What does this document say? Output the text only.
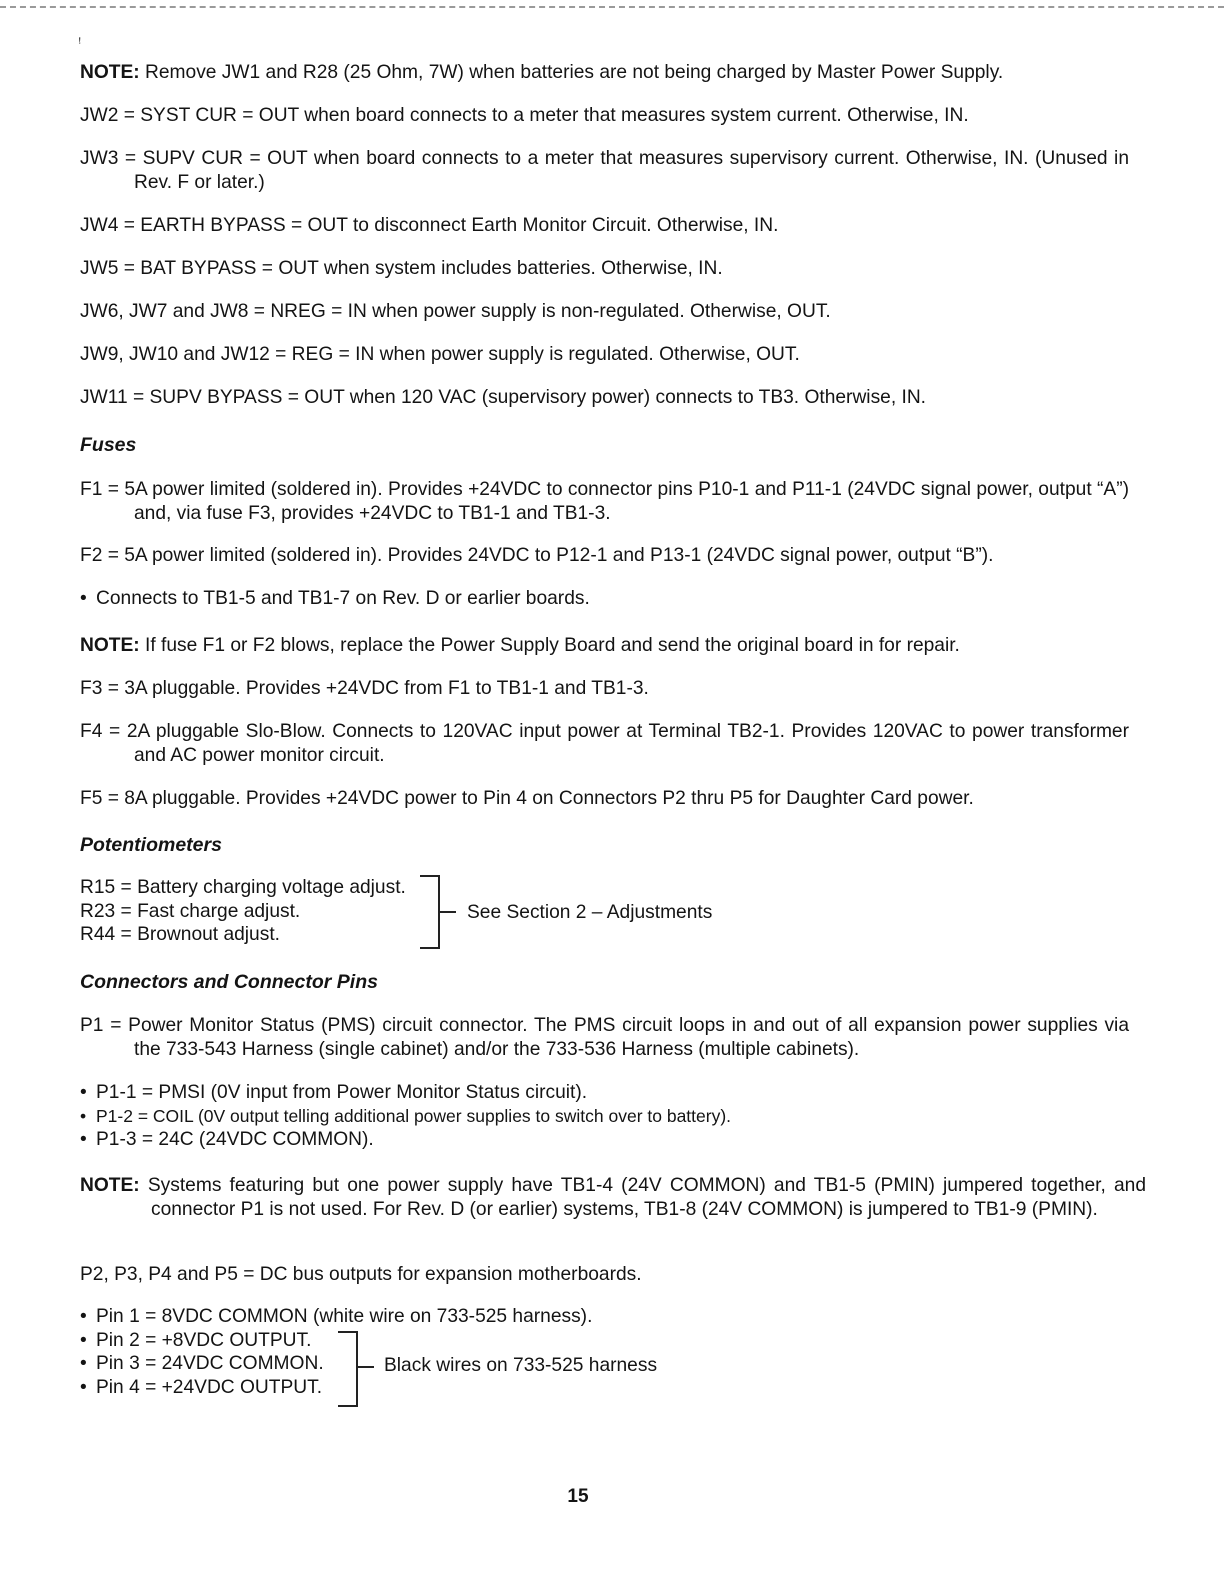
ꜝ
NOTE: Remove JW1 and R28 (25 Ohm, 7W) when batteries are not being charged by Master Power Supply.
JW2 = SYST CUR = OUT when board connects to a meter that measures system current. Otherwise, IN.
JW3 = SUPV CUR = OUT when board connects to a meter that measures supervisory current. Otherwise, IN. (Unused in Rev. F or later.)
JW4 = EARTH BYPASS = OUT to disconnect Earth Monitor Circuit. Otherwise, IN.
JW5 = BAT BYPASS = OUT when system includes batteries. Otherwise, IN.
JW6, JW7 and JW8 = NREG = IN when power supply is non-regulated. Otherwise, OUT.
JW9, JW10 and JW12 = REG = IN when power supply is regulated. Otherwise, OUT.
JW11 = SUPV BYPASS = OUT when 120 VAC (supervisory power) connects to TB3. Otherwise, IN.
Fuses
F1 = 5A power limited (soldered in). Provides +24VDC to connector pins P10-1 and P11-1 (24VDC signal power, output “A”) and, via fuse F3, provides +24VDC to TB1-1 and TB1-3.
F2 = 5A power limited (soldered in). Provides 24VDC to P12-1 and P13-1 (24VDC signal power, output “B”).
• Connects to TB1-5 and TB1-7 on Rev. D or earlier boards.
NOTE: If fuse F1 or F2 blows, replace the Power Supply Board and send the original board in for repair.
F3 = 3A pluggable. Provides +24VDC from F1 to TB1-1 and TB1-3.
F4 = 2A pluggable Slo-Blow. Connects to 120VAC input power at Terminal TB2-1. Provides 120VAC to power transformer and AC power monitor circuit.
F5 = 8A pluggable. Provides +24VDC power to Pin 4 on Connectors P2 thru P5 for Daughter Card power.
Potentiometers
R15 = Battery charging voltage adjust.
R23 = Fast charge adjust.
R44 = Brownout adjust.
See Section 2 – Adjustments
Connectors and Connector Pins
P1 = Power Monitor Status (PMS) circuit connector. The PMS circuit loops in and out of all expansion power supplies via the 733-543 Harness (single cabinet) and/or the 733-536 Harness (multiple cabinets).
• P1-1 = PMSI (0V input from Power Monitor Status circuit).
• P1-2 = COIL (0V output telling additional power supplies to switch over to battery).
• P1-3 = 24C (24VDC COMMON).
NOTE: Systems featuring but one power supply have TB1-4 (24V COMMON) and TB1-5 (PMIN) jumpered together, and connector P1 is not used. For Rev. D (or earlier) systems, TB1-8 (24V COMMON) is jumpered to TB1-9 (PMIN).
P2, P3, P4 and P5 = DC bus outputs for expansion motherboards.
• Pin 1 = 8VDC COMMON (white wire on 733-525 harness).
• Pin 2 = +8VDC OUTPUT.
• Pin 3 = 24VDC COMMON.
• Pin 4 = +24VDC OUTPUT.
Black wires on 733-525 harness
15
